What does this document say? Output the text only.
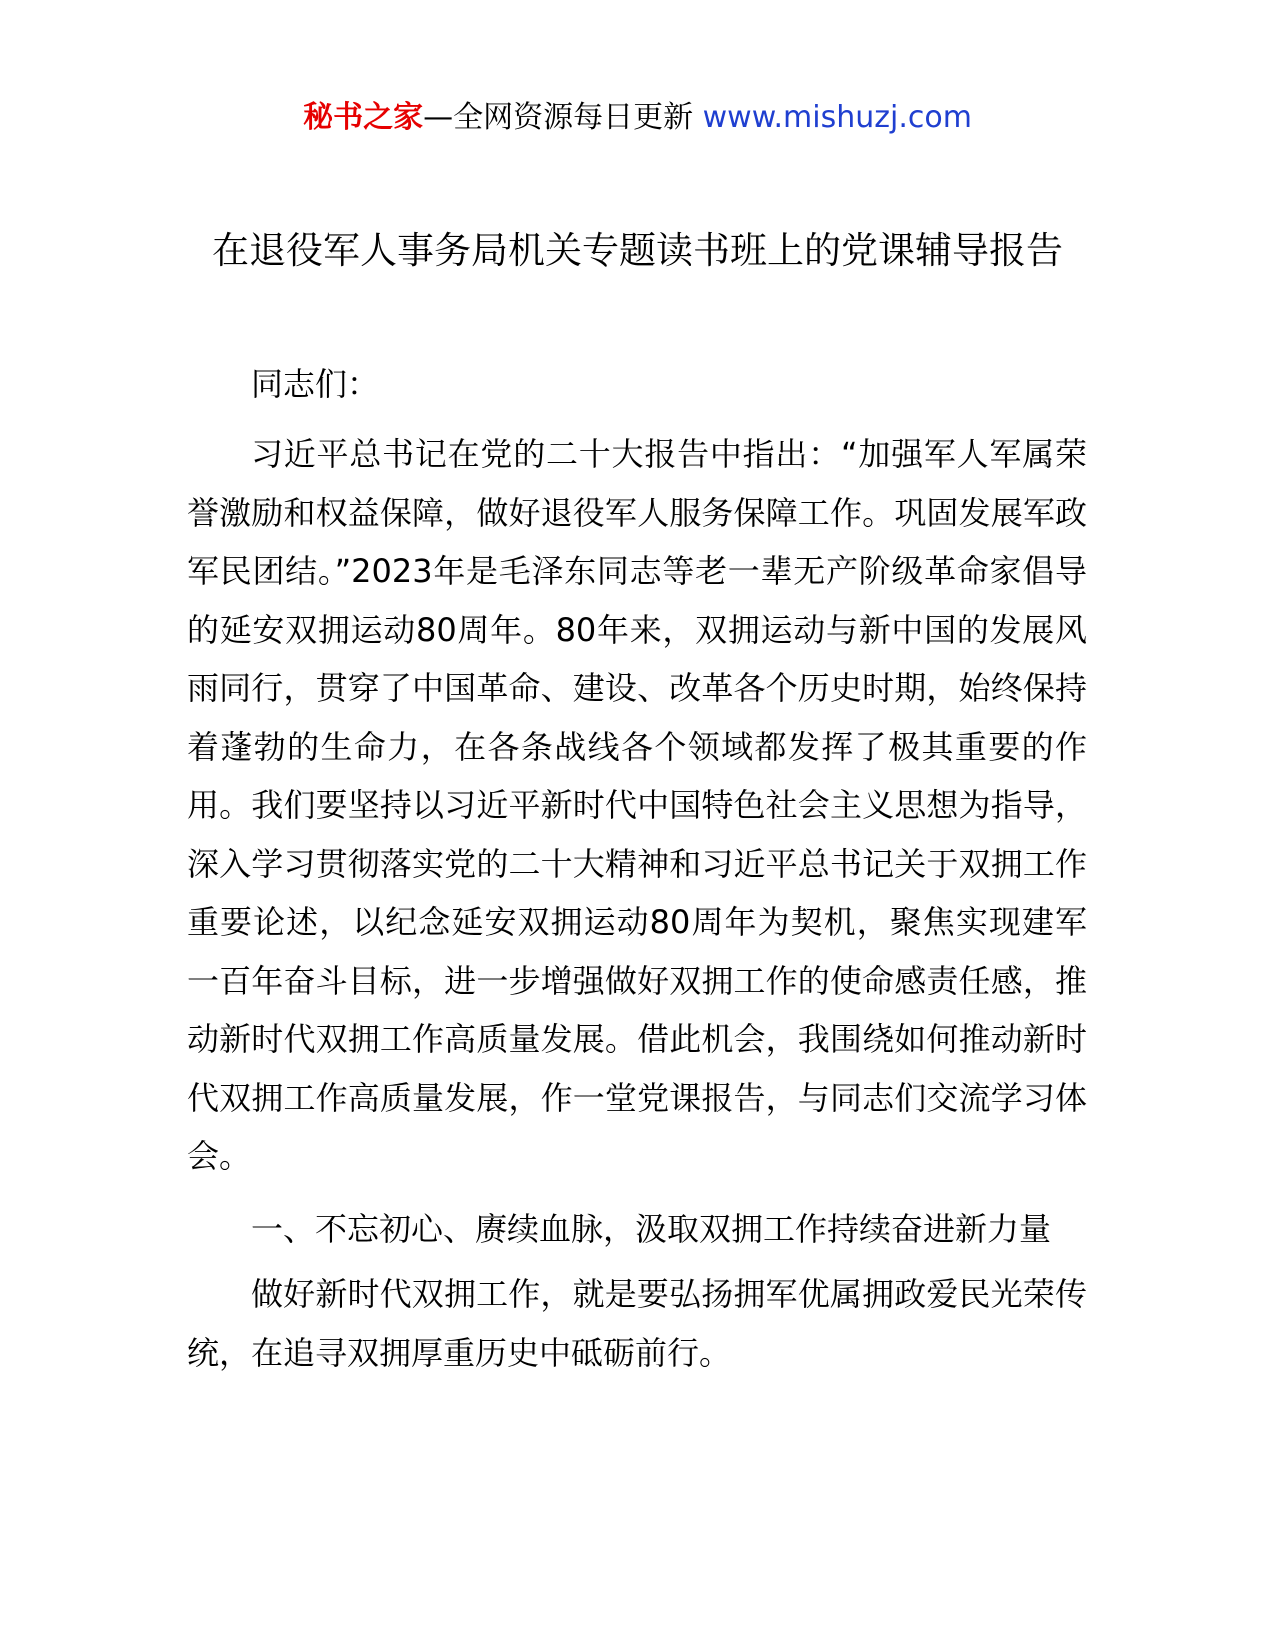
秘书之家—全网资源每日更新 www.mishuzj.com
在退役军人事务局机关专题读书班上的党课辅导报告

同志们：

习近平总书记在党的二十大报告中指出：“加强军人军属荣誉激励和权益保障，做好退役军人服务保障工作。巩固发展军政军民团结。”2023年是毛泽东同志等老一辈无产阶级革命家倡导的延安双拥运动80周年。80年来，双拥运动与新中国的发展风雨同行，贯穿了中国革命、建设、改革各个历史时期，始终保持着蓬勃的生命力，在各条战线各个领域都发挥了极其重要的作用。我们要坚持以习近平新时代中国特色社会主义思想为指导，深入学习贯彻落实党的二十大精神和习近平总书记关于双拥工作重要论述，以纪念延安双拥运动80周年为契机，聚焦实现建军一百年奋斗目标，进一步增强做好双拥工作的使命感责任感，推动新时代双拥工作高质量发展。借此机会，我围绕如何推动新时代双拥工作高质量发展，作一堂党课报告，与同志们交流学习体会。

一、不忘初心、赓续血脉，汲取双拥工作持续奋进新力量

做好新时代双拥工作，就是要弘扬拥军优属拥政爱民光荣传统，在追寻双拥厚重历史中砥砺前行。
